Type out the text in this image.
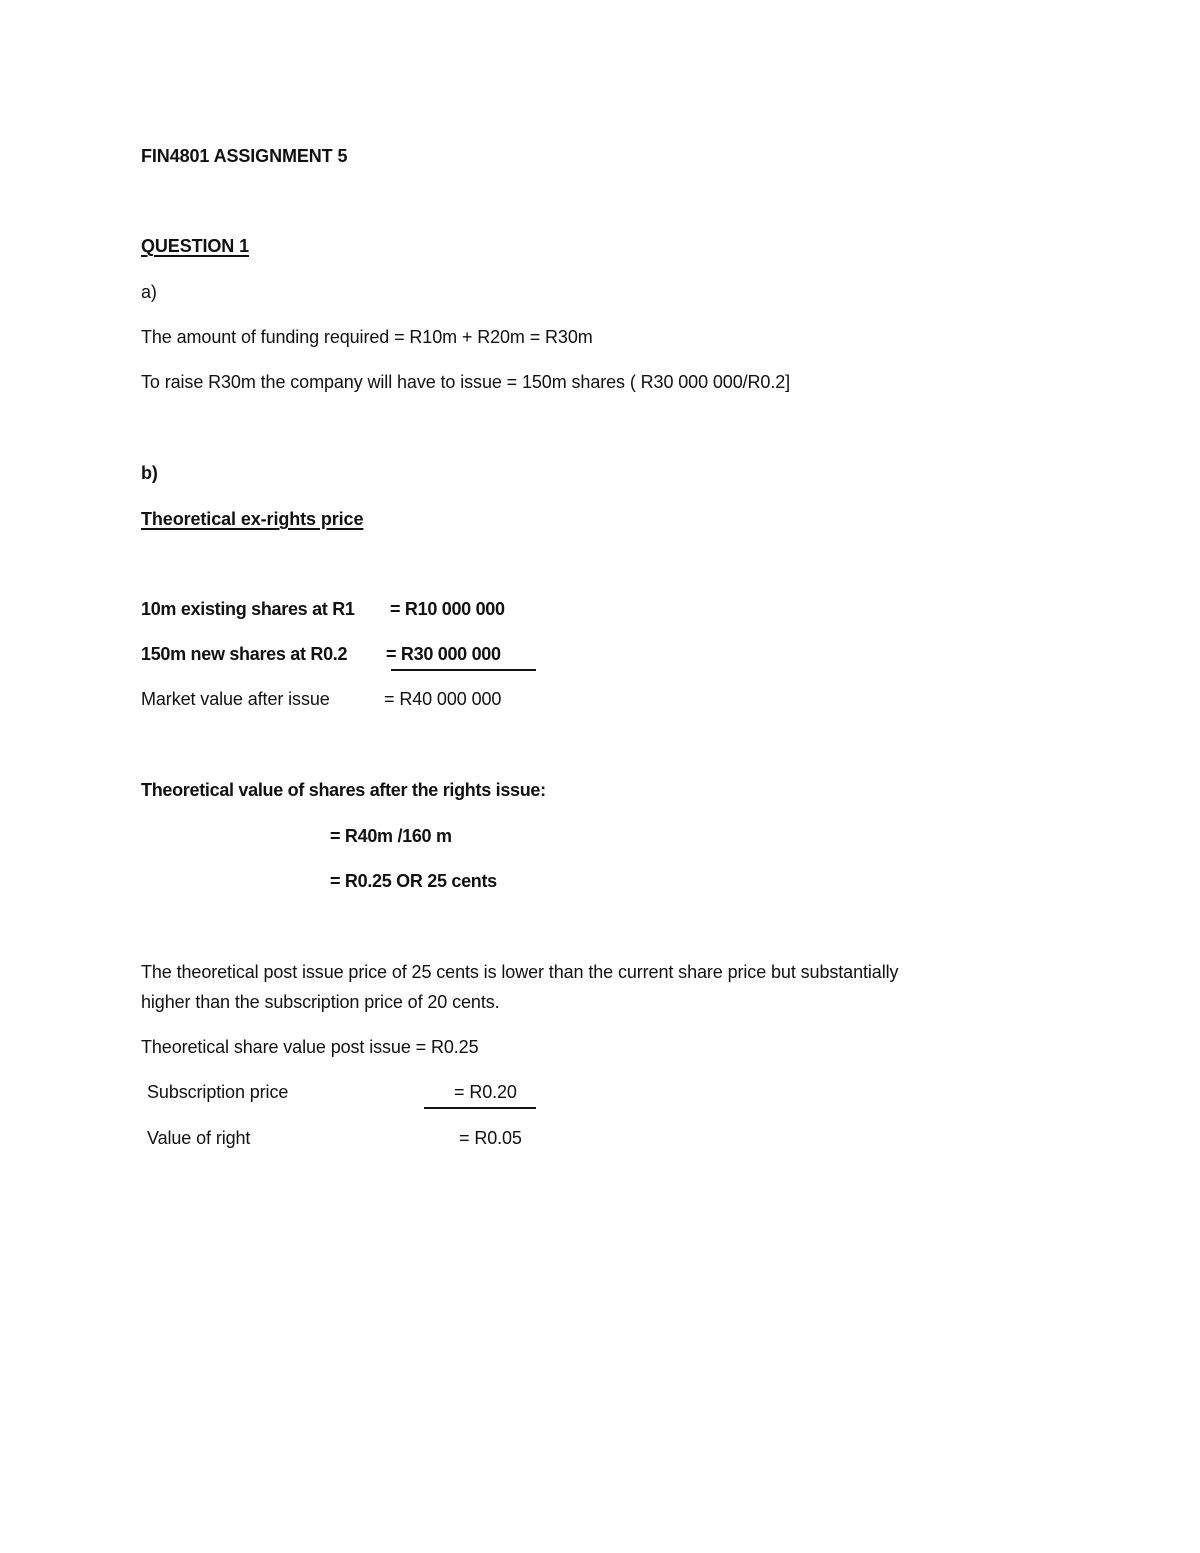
FIN4801 ASSIGNMENT 5
QUESTION 1
a)
The amount of funding required = R10m + R20m = R30m
To raise R30m the company will have to issue = 150m shares ( R30 000 000/R0.2]
b)
Theoretical ex-rights price
10m existing shares at R1 = R10 000 000
150m new shares at R0.2 = R30 000 000
Market value after issue	= R40 000 000
Theoretical value of shares after the rights issue:
= R40m /160 m
= R0.25 OR 25 cents
The theoretical post issue price of 25 cents is lower than the current share price but substantially
higher than the subscription price of 20 cents.
Theoretical share value post issue = R0.25
Subscription price	= R0.20
Value of right	= R0.05
